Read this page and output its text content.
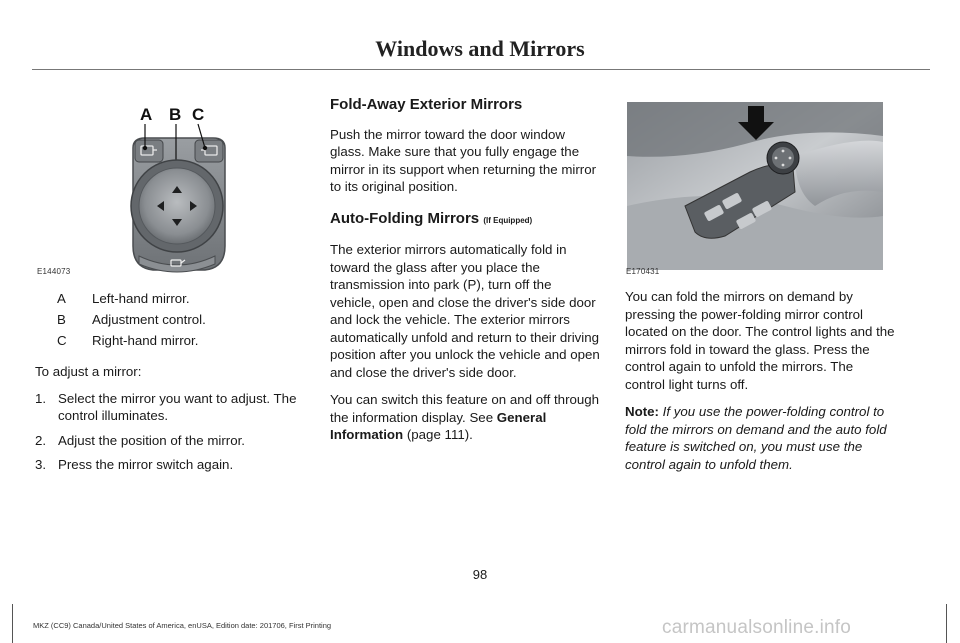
Windows and Mirrors
A B C
E144073
A	Left-hand mirror.
B	Adjustment control.
C	Right-hand mirror.

To adjust a mirror:

1. Select the mirror you want to adjust. The control illuminates.
2. Adjust the position of the mirror.
3. Press the mirror switch again.
Fold-Away Exterior Mirrors

Push the mirror toward the door window glass. Make sure that you fully engage the mirror in its support when returning the mirror to its original position.

Auto-Folding Mirrors (If Equipped)

The exterior mirrors automatically fold in toward the glass after you place the transmission into park (P), turn off the vehicle, open and close the driver's side door and lock the vehicle. The exterior mirrors automatically unfold and return to their driving position after you unlock the vehicle and open and close the driver's side door.

You can switch this feature on and off through the information display. See General Information (page 111).

E170431

You can fold the mirrors on demand by pressing the power-folding mirror control located on the door. The control lights and the mirrors fold in toward the glass. Press the control again to unfold the mirrors. The control light turns off.

Note: If you use the power-folding control to fold the mirrors on demand and the auto fold feature is switched on, you must use the control again to unfold them.

98
MKZ (CC9) Canada/United States of America, enUSA, Edition date: 201706, First Printing	carmanualsonline.info
